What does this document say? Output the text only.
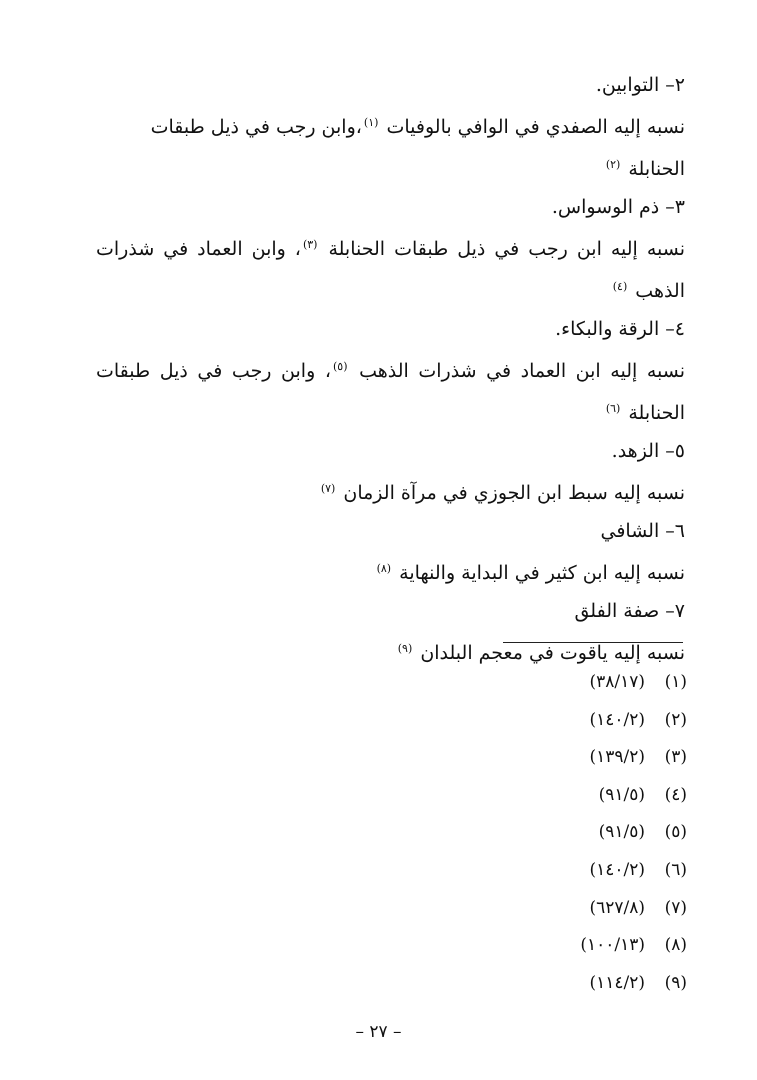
٢– التوابين.

نسبه إليه الصفدي في الوافي بالوفيات $^{(١)}$،وابن رجب في ذيل طبقات الحنابلة $^{(٢)}$

٣– ذم الوسواس.

نسبه إليه ابن رجب في ذيل طبقات الحنابلة $^{(٣)}$، وابن العماد في شذرات الذهب $^{(٤)}$

٤– الرقة والبكاء.

نسبه إليه ابن العماد في شذرات الذهب $^{(٥)}$، وابن رجب في ذيل طبقات الحنابلة $^{(٦)}$

٥– الزهد.

نسبه إليه سبط ابن الجوزي في مرآة الزمان $^{(٧)}$

٦– الشافي

نسبه إليه ابن كثير في البداية والنهاية $^{(٨)}$

٧– صفة الفلق

نسبه إليه ياقوت في معجم البلدان $^{(٩)}$

(١)(٣٨/١٧)
(٢)(١٤٠/٢)
(٣)(١٣٩/٢)
(٤)(٩١/٥)
(٥)(٩١/٥)
(٦)(١٤٠/٢)
(٧)(٦٢٧/٨)
(٨)(١٠٠/١٣)
(٩)(١١٤/٢)
– ٢٧ –
